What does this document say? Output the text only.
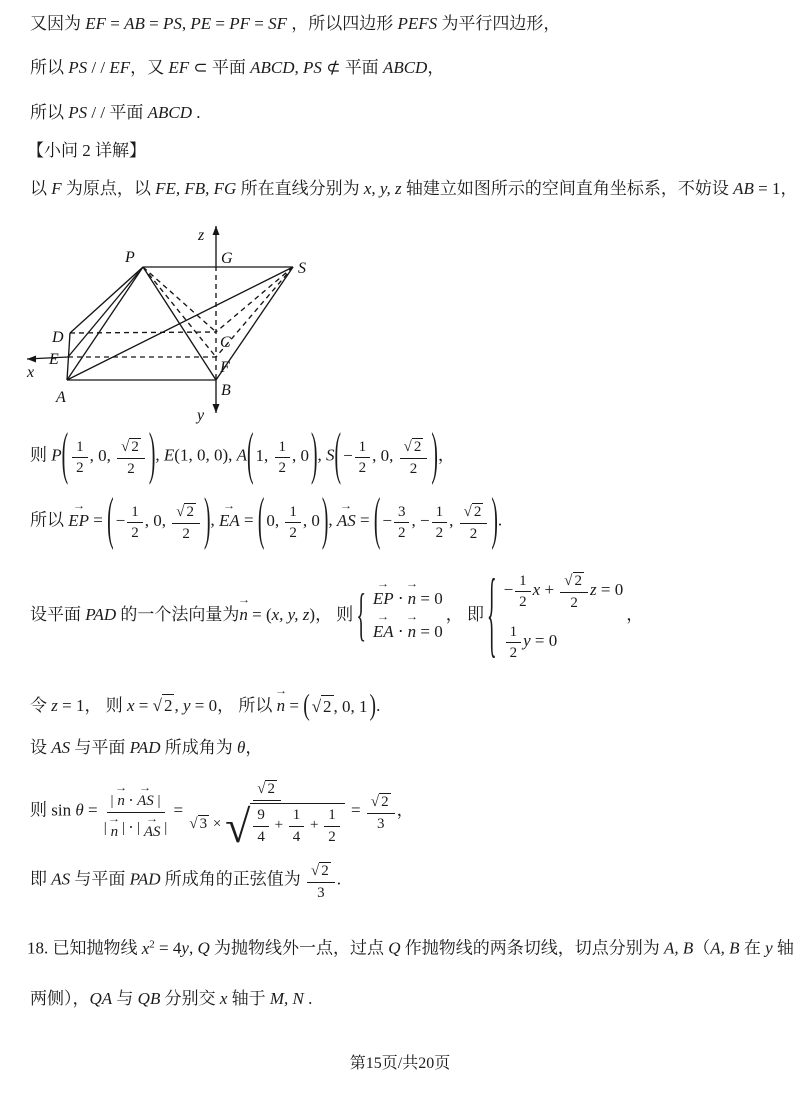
又因为 EF = AB = PS, PE = PF = SF ，所以四边形 PEFS 为平行四边形，
所以 PS / / EF，又 EF ⊂ 平面 ABCD, PS ⊄ 平面 ABCD，
所以 PS / / 平面 ABCD .
【小问 2 详解】
以 F 为原点，以 FE, FB, FG 所在直线分别为 x, y, z 轴建立如图所示的空间直角坐标系，不妨设 AB = 1，
P	G
S
D	C
E	F
A	B
x
y
z
则 P ( $\frac{1}{2}$ , 0, $\frac{√ 2}{2}$ ) , E(1, 0, 0), A ( 1, $\frac{1}{2}$ , 0 ) , S ( − $\frac{1}{2}$ , 0, $\frac{√ 2}{2}$ ) ，
所以
→
EP = ( − $\frac{1}{2}$ , 0, $\frac{√ 2}{2}$ ) ,
→
EA = ( 0, $\frac{1}{2}$ , 0 ) ,
→
AS = ( − $\frac{3}{2}$ , − $\frac{1}{2}$ , $\frac{√ 2}{2}$ ) .
设平面 PAD 的一个法向量为
→
n = (x, y, z)， 则 { →
EP ⋅
→
n = 0
→
EA ⋅
→
n = 0
， 即 { − $\frac{1}{2}$ $x + \frac{√ 2}{2}$ z = 0
$\frac{1}{2}$ y = 0
，
令 z = 1， 则 x = √ 2 , y = 0， 所以
→
n = ( √ 2 , 0, 1 ) .
设 AS 与平面 PAD 所成角为 θ，
则 sin θ = |
→
n ⋅
→
AS |
|
→
n | ⋅ | →
AS | = $\frac{√ 2}{√ 3 \times √ \frac{9}{4} + \frac{1}{4} + \frac{1}{2}} = \frac{√ 2}{3}$ ，
即 AS 与平面 PAD 所成角的正弦值为 $\frac{√ 2}{3}$ .
18. 已知抛物线 $x^2 = 4y$, Q 为抛物线外一点，过点 Q 作抛物线的两条切线，切点分别为 A, B（A, B 在 y 轴
两侧），QA 与 QB 分别交 x 轴于 M, N .
第15页/共20页
